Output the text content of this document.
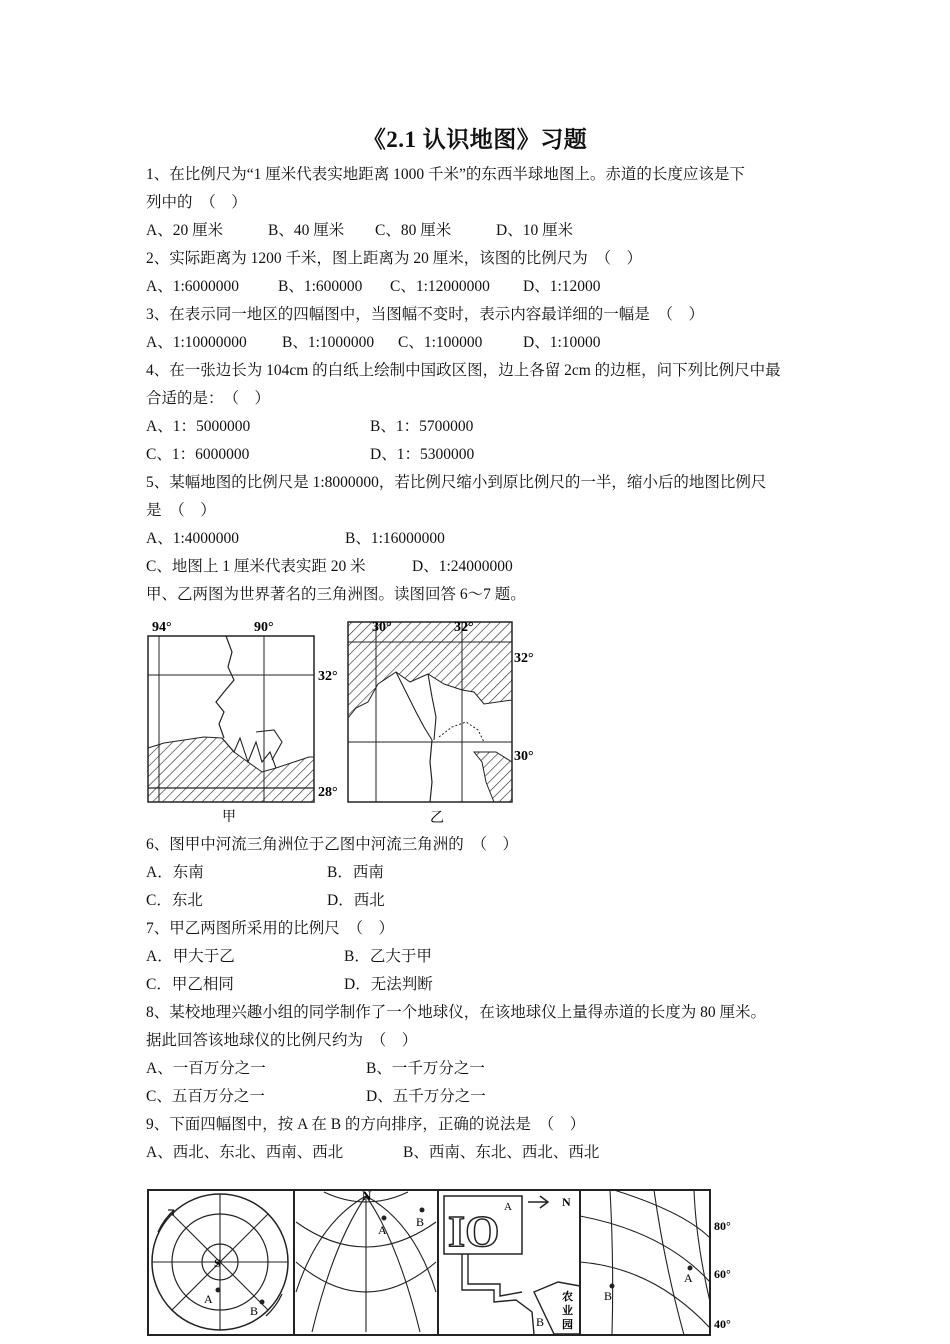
《2.1 认识地图》习题
1、在比例尺为“1 厘米代表实地距离 1000 千米”的东西半球地图上。赤道的长度应该是下
列中的　（　）
A、20 厘米	B、40 厘米 C、80 厘米	D、10 厘米
2、实际距离为 1200 千米，图上距离为 20 厘米，该图的比例尺为　（　）
A、1:6000000	B、1:600000 C、1:12000000 D、1:12000
3、在表示同一地区的四幅图中，当图幅不变时，表示内容最详细的一幅是　（　）
A、1:10000000 B、1:1000000 C、1:100000	D、1:10000
4、在一张边长为 104cm 的白纸上绘制中国政区图，边上各留 2cm 的边框，问下列比例尺中最
合适的是：　（　）
A、1：5000000	B、1：5700000
C、1：6000000	D、1：5300000
5、某幅地图的比例尺是 1:8000000，若比例尺缩小到原比例尺的一半，缩小后的地图比例尺
是　（　）
A、1:4000000	B、1:16000000
C、地图上 1 厘米代表实距 20 米	D、1:24000000
甲、乙两图为世界著名的三角洲图。读图回答 6～7 题。
94°	90°
32°
28°
甲
30°	32°
32°
30°
乙
6、图甲中河流三角洲位于乙图中河流三角洲的　（　）
A．东南	B．西南
C．东北	D．西北
7、甲乙两图所采用的比例尺　（　）
A．甲大于乙	B．乙大于甲
C．甲乙相同	D．无法判断
8、某校地理兴趣小组的同学制作了一个地球仪，在该地球仪上量得赤道的长度为 80 厘米。
据此回答该地球仪的比例尺约为　（　）
A、一百万分之一	B、一千万分之一
C、五百万分之一	D、五千万分之一
9、下面四幅图中，按 A 在 B 的方向排序，正确的说法是　（　）
A、西北、东北、西南、西北	B、西南、东北、西北、西北
S
A
B
N
A
B IO A	N
B
农
业
园
A
B
80°
60°
40°
